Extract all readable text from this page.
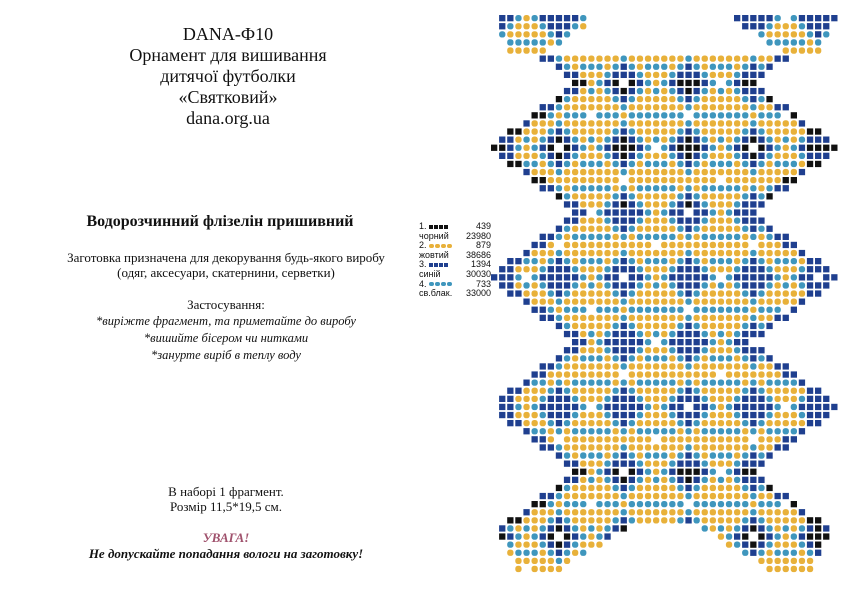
DANA-Ф10
Орнамент для вишивання
дитячої футболки
«Святковий»
dana.org.ua
Водорозчинний флізелін пришивний
Заготовка призначена для декорування будь-якого виробу
(одяг, аксесуари, скатернини, серветки)
Застосування:
*виріжте фрагмент, та приметайте до виробу
*вишийте бісером чи нитками
*занурте виріб в теплу воду
В наборі 1 фрагмент.
Розмір 11,5*19,5 см.
УВАГА!
Не допускайте попадання вологи на заготовку!
1.	439
чорний 23980
2.	879
жовтий 38686
3.	1394
синій	30030
4.	733
св.блак. 33000
